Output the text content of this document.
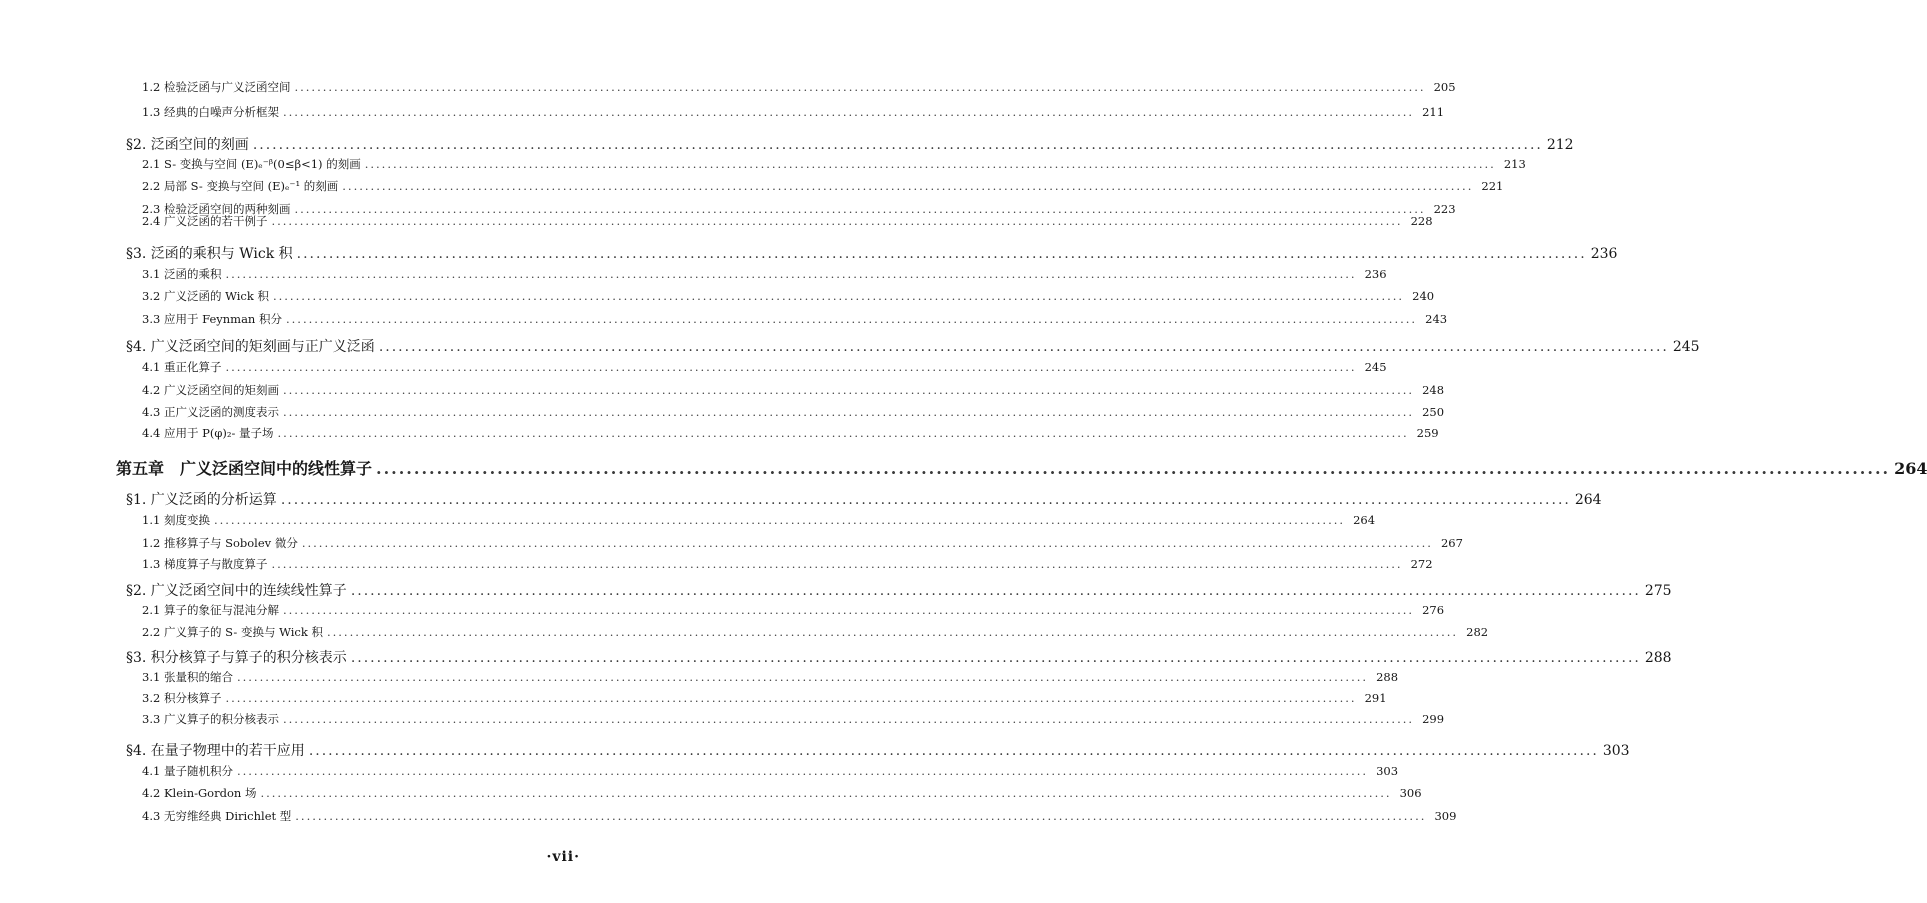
1.2 检验泛函与广义泛函空间 ........................................................................................................................................................................................................ 205
1.3 经典的白噪声分析框架 ........................................................................................................................................................................................................ 211
§2. 泛函空间的刻画 ........................................................................................................................................................................................................ 212
2.1 S- 变换与空间 (E)ₑ⁻ᵝ(0≤β<1) 的刻画 ........................................................................................................................................................................................................ 213
2.2 局部 S- 变换与空间 (E)ₑ⁻¹ 的刻画 ........................................................................................................................................................................................................ 221
2.3 检验泛函空间的两种刻画 ........................................................................................................................................................................................................ 223
2.4 广义泛函的若干例子 ........................................................................................................................................................................................................ 228
§3. 泛函的乘积与 Wick 积 ........................................................................................................................................................................................................ 236
3.1 泛函的乘积 ........................................................................................................................................................................................................ 236
3.2 广义泛函的 Wick 积 ........................................................................................................................................................................................................ 240
3.3 应用于 Feynman 积分 ........................................................................................................................................................................................................ 243
§4. 广义泛函空间的矩刻画与正广义泛函 ........................................................................................................................................................................................................ 245
4.1 重正化算子 ........................................................................................................................................................................................................ 245
4.2 广义泛函空间的矩刻画 ........................................................................................................................................................................................................ 248
4.3 正广义泛函的测度表示 ........................................................................................................................................................................................................ 250
4.4 应用于 P(φ)₂- 量子场 ........................................................................................................................................................................................................ 259
第五章　广义泛函空间中的线性算子 ........................................................................................................................................................................................................ 264
§1. 广义泛函的分析运算 ........................................................................................................................................................................................................ 264
1.1 刻度变换 ........................................................................................................................................................................................................ 264
1.2 推移算子与 Sobolev 微分 ........................................................................................................................................................................................................ 267
1.3 梯度算子与散度算子 ........................................................................................................................................................................................................ 272
§2. 广义泛函空间中的连续线性算子 ........................................................................................................................................................................................................ 275
2.1 算子的象征与混沌分解 ........................................................................................................................................................................................................ 276
2.2 广义算子的 S- 变换与 Wick 积 ........................................................................................................................................................................................................ 282
§3. 积分核算子与算子的积分核表示 ........................................................................................................................................................................................................ 288
3.1 张量积的缩合 ........................................................................................................................................................................................................ 288
3.2 积分核算子 ........................................................................................................................................................................................................ 291
3.3 广义算子的积分核表示 ........................................................................................................................................................................................................ 299
§4. 在量子物理中的若干应用 ........................................................................................................................................................................................................ 303
4.1 量子随机积分 ........................................................................................................................................................................................................ 303
4.2 Klein-Gordon 场 ........................................................................................................................................................................................................ 306
4.3 无穷维经典 Dirichlet 型 ........................................................................................................................................................................................................ 309
·vii·
